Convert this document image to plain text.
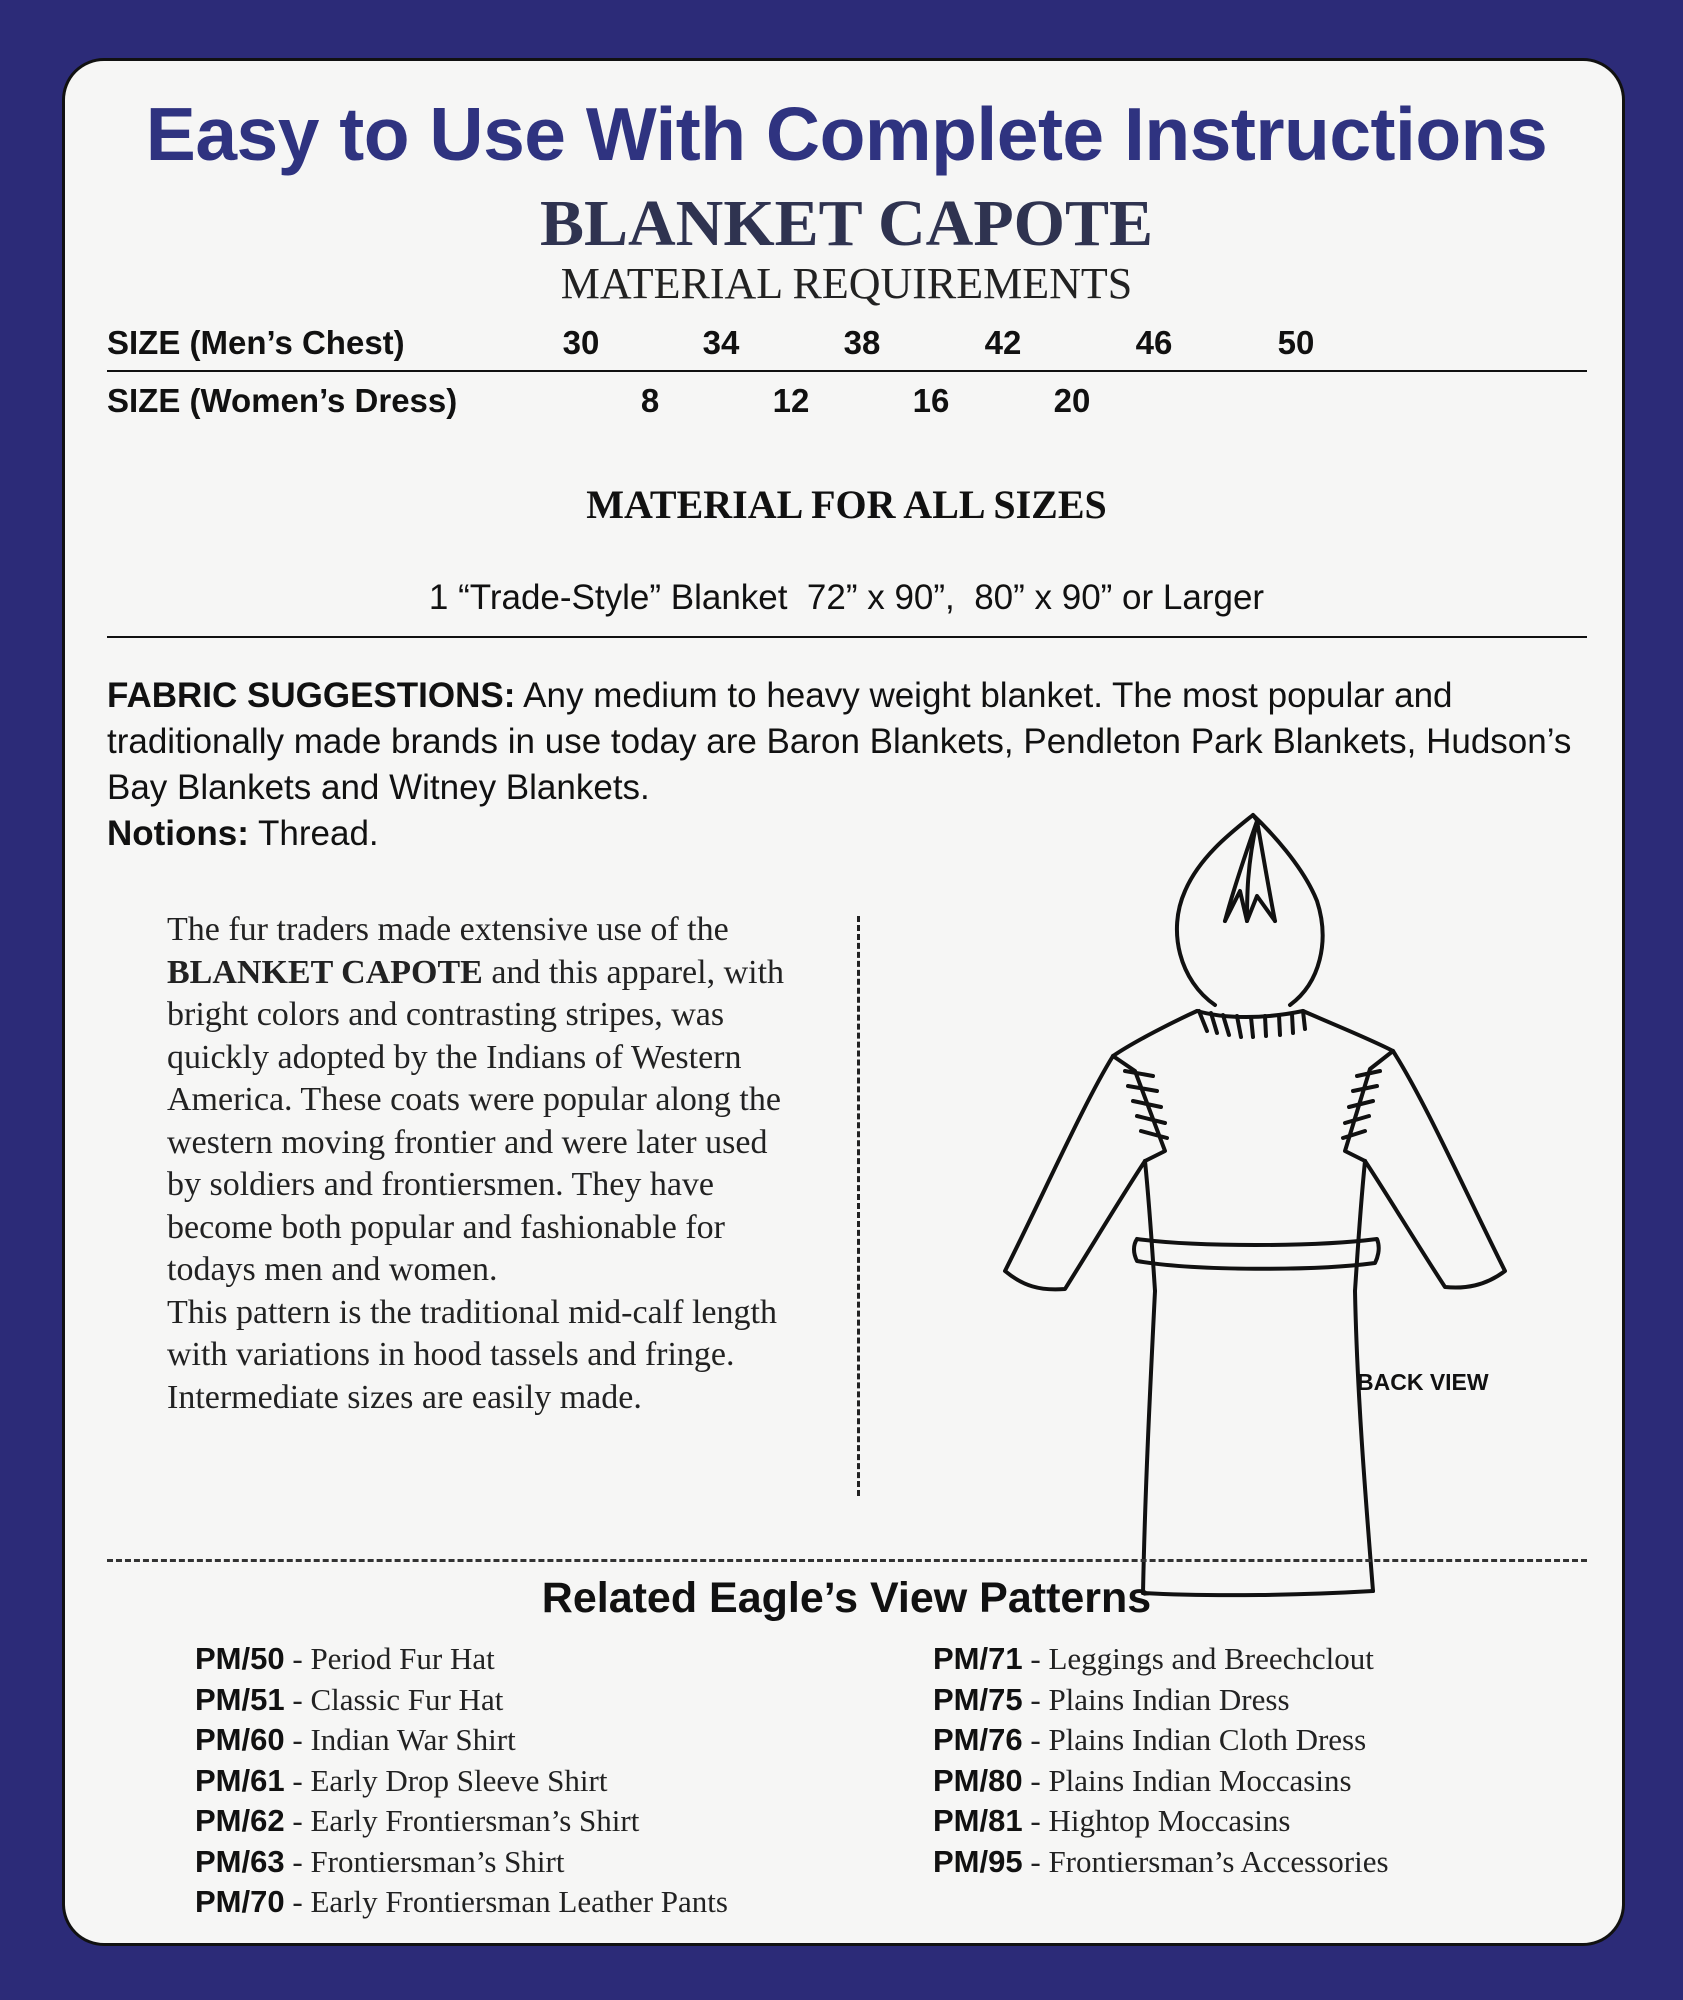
Easy to Use With Complete Instructions
BLANKET CAPOTE
MATERIAL REQUIREMENTS
SIZE (Men’s Chest)	30	34	38	42	46	50
SIZE (Women’s Dress)	8	12	16	20
MATERIAL FOR ALL SIZES
1 “Trade-Style” Blanket  72” x 90”,  80” x 90” or Larger
FABRIC SUGGESTIONS: Any medium to heavy weight blanket. The most popular and traditionally made brands in use today are Baron Blankets, Pendleton Park Blankets, Hudson’s Bay Blankets and Witney Blankets.
Notions: Thread.

The fur traders made extensive use of the BLANKET CAPOTE and this apparel, with bright colors and contrasting stripes, was quickly adopted by the Indians of Western America. These coats were popular along the western moving frontier and were later used by soldiers and frontiersmen. They have become both popular and fashionable for todays men and women.

This pattern is the traditional mid-calf length with variations in hood tassels and fringe.

Intermediate sizes are easily made.	BACK VIEW
Related Eagle’s View Patterns
PM/50 - Period Fur Hat
PM/51 - Classic Fur Hat
PM/60 - Indian War Shirt
PM/61 - Early Drop Sleeve Shirt
PM/62 - Early Frontiersman’s Shirt
PM/63 - Frontiersman’s Shirt
PM/70 - Early Frontiersman Leather Pants
PM/71 - Leggings and Breechclout
PM/75 - Plains Indian Dress
PM/76 - Plains Indian Cloth Dress
PM/80 - Plains Indian Moccasins
PM/81 - Hightop Moccasins
PM/95 - Frontiersman’s Accessories
